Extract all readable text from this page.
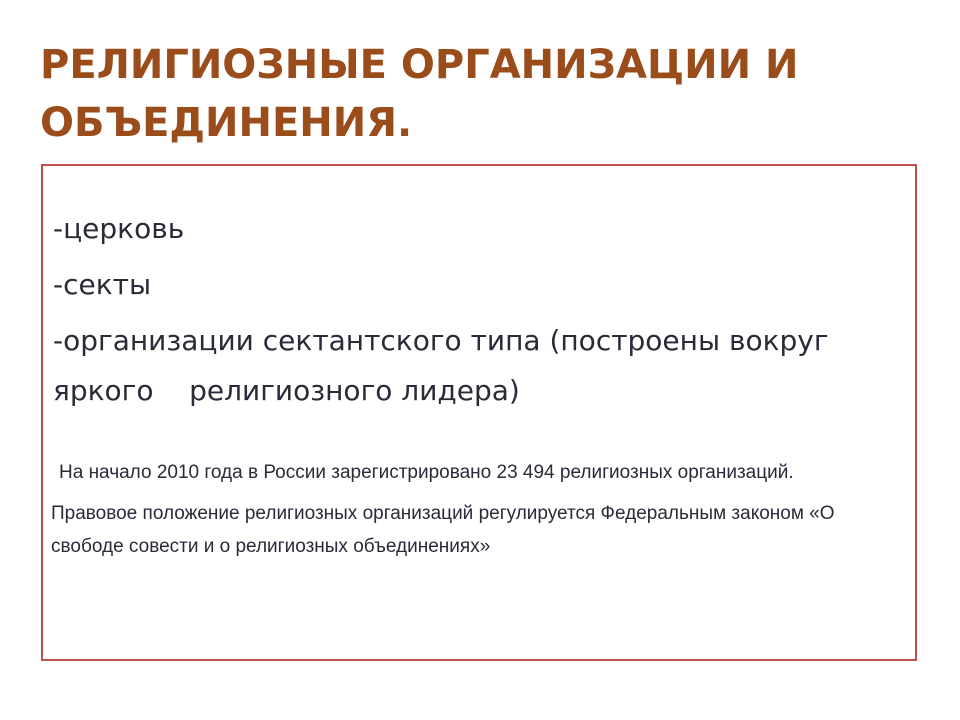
РЕЛИГИОЗНЫЕ ОРГАНИЗАЦИИ И ОБЪЕДИНЕНИЯ.
-церковь
-секты
-организации сектантского типа (построены вокруг яркого    религиозного лидера)

На начало 2010 года в России зарегистрировано 23 494 религиозных организаций.

Правовое положение религиозных организаций регулируется Федеральным законом «О свободе совести и о религиозных объединениях»
